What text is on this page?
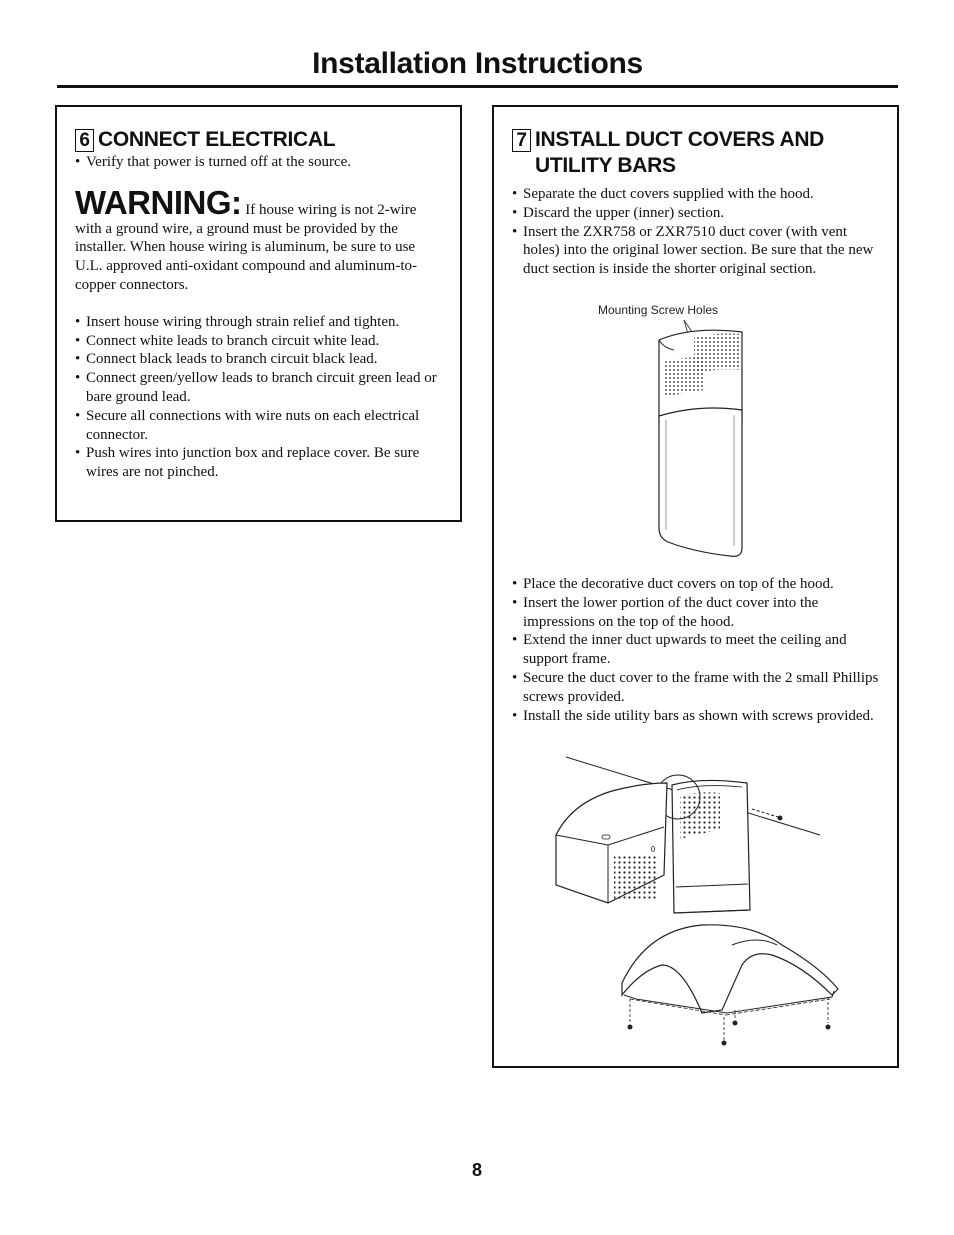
Installation Instructions
6 CONNECT ELECTRICAL
• Verify that power is turned off at the source.
WARNING: If house wiring is not 2-wire with a ground wire, a ground must be provided by the installer. When house wiring is aluminum, be sure to use U.L. approved anti-oxidant compound and aluminum-to-copper connectors.
• Insert house wiring through strain relief and tighten.
• Connect white leads to branch circuit white lead.
• Connect black leads to branch circuit black lead.
• Connect green/yellow leads to branch circuit green lead or bare ground lead.
• Secure all connections with wire nuts on each electrical connector.
• Push wires into junction box and replace cover. Be sure wires are not pinched.
7 INSTALL DUCT COVERS AND UTILITY BARS
• Separate the duct covers supplied with the hood.
• Discard the upper (inner) section.
• Insert the ZXR758 or ZXR7510 duct cover (with vent holes) into the original lower section. Be sure that the new duct section is inside the shorter original section.
Mounting Screw Holes
• Place the decorative duct covers on top of the hood.
• Insert the lower portion of the duct cover into the impressions on the top of the hood.
• Extend the inner duct upwards to meet the ceiling and support frame.
• Secure the duct cover to the frame with the 2 small Phillips screws provided.
• Install the side utility bars as shown with screws provided.
8
